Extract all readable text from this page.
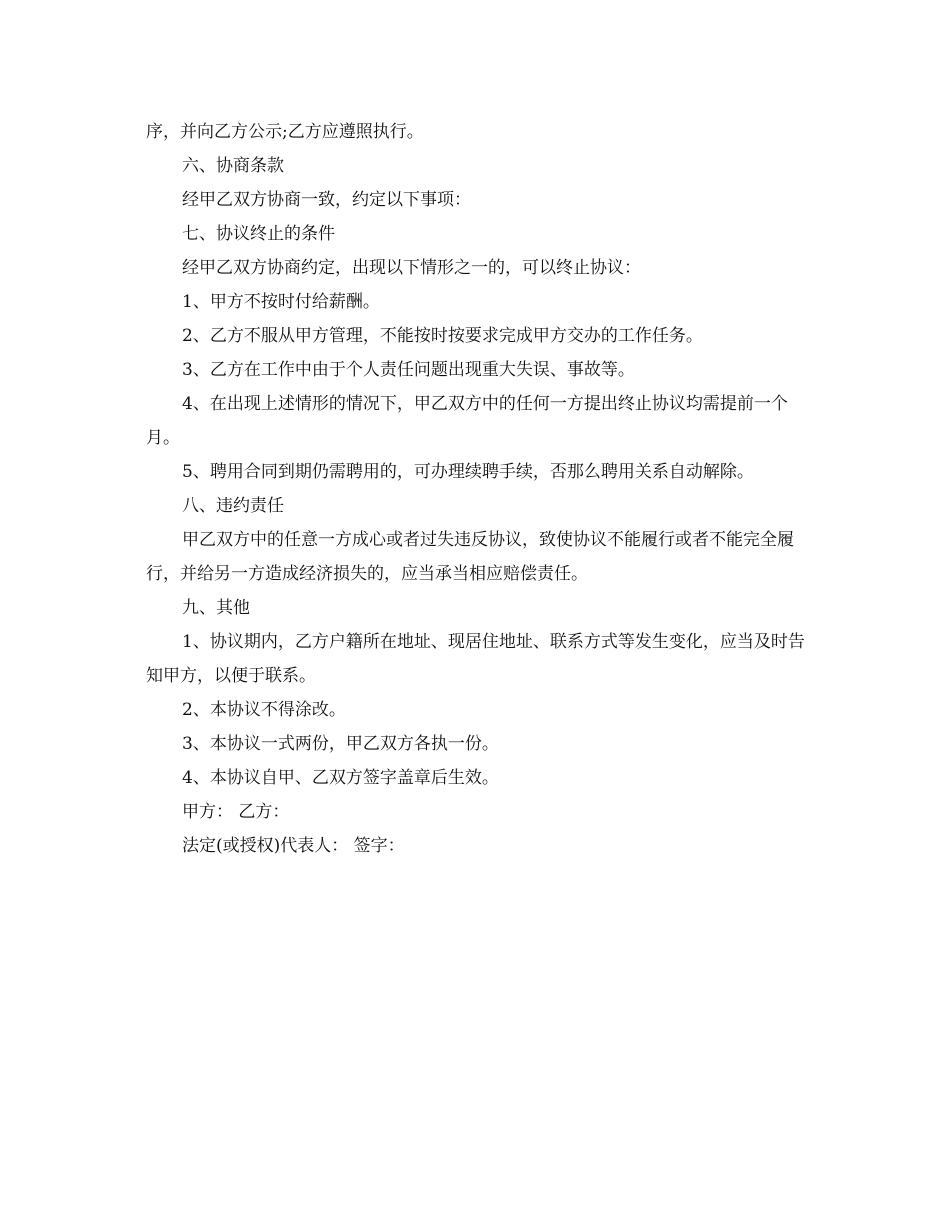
序，并向乙方公示;乙方应遵照执行。

六、协商条款

经甲乙双方协商一致，约定以下事项：

七、协议终止的条件

经甲乙双方协商约定，出现以下情形之一的，可以终止协议：

1、甲方不按时付给薪酬。

2、乙方不服从甲方管理，不能按时按要求完成甲方交办的工作任务。

3、乙方在工作中由于个人责任问题出现重大失误、事故等。

4、在出现上述情形的情况下，甲乙双方中的任何一方提出终止协议均需提前一个月。

5、聘用合同到期仍需聘用的，可办理续聘手续，否那么聘用关系自动解除。

八、违约责任

甲乙双方中的任意一方成心或者过失违反协议，致使协议不能履行或者不能完全履行，并给另一方造成经济损失的，应当承当相应赔偿责任。

九、其他

1、协议期内，乙方户籍所在地址、现居住地址、联系方式等发生变化，应当及时告知甲方，以便于联系。

2、本协议不得涂改。

3、本协议一式两份，甲乙双方各执一份。

4、本协议自甲、乙双方签字盖章后生效。

甲方： 乙方：

法定(或授权)代表人： 签字：
